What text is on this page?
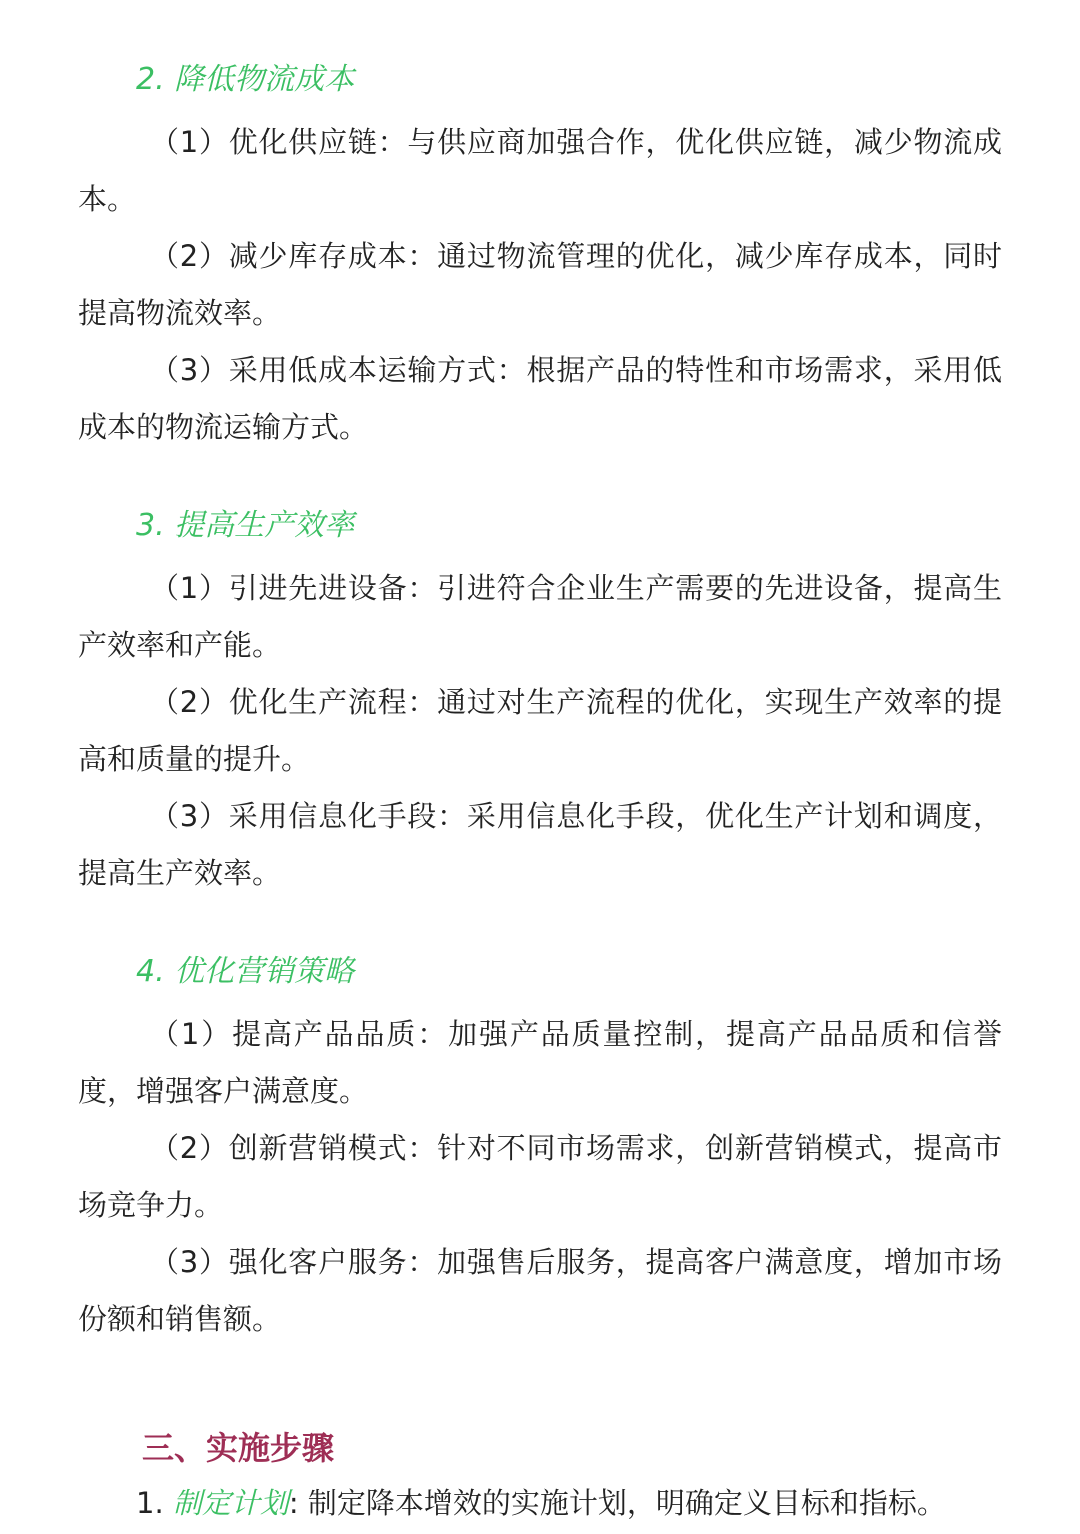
2. 降低物流成本

（1）优化供应链：与供应商加强合作，优化供应链，减少物流成本。

（2）减少库存成本：通过物流管理的优化，减少库存成本，同时提高物流效率。

（3）采用低成本运输方式：根据产品的特性和市场需求，采用低成本的物流运输方式。

3. 提高生产效率

（1）引进先进设备：引进符合企业生产需要的先进设备，提高生产效率和产能。

（2）优化生产流程：通过对生产流程的优化，实现生产效率的提高和质量的提升。

（3）采用信息化手段：采用信息化手段，优化生产计划和调度，提高生产效率。

4. 优化营销策略

（1）提高产品品质：加强产品质量控制，提高产品品质和信誉度，增强客户满意度。

（2）创新营销模式：针对不同市场需求，创新营销模式，提高市场竞争力。

（3）强化客户服务：加强售后服务，提高客户满意度，增加市场份额和销售额。

三、实施步骤

1. 制定计划: 制定降本增效的实施计划，明确定义目标和指标。
